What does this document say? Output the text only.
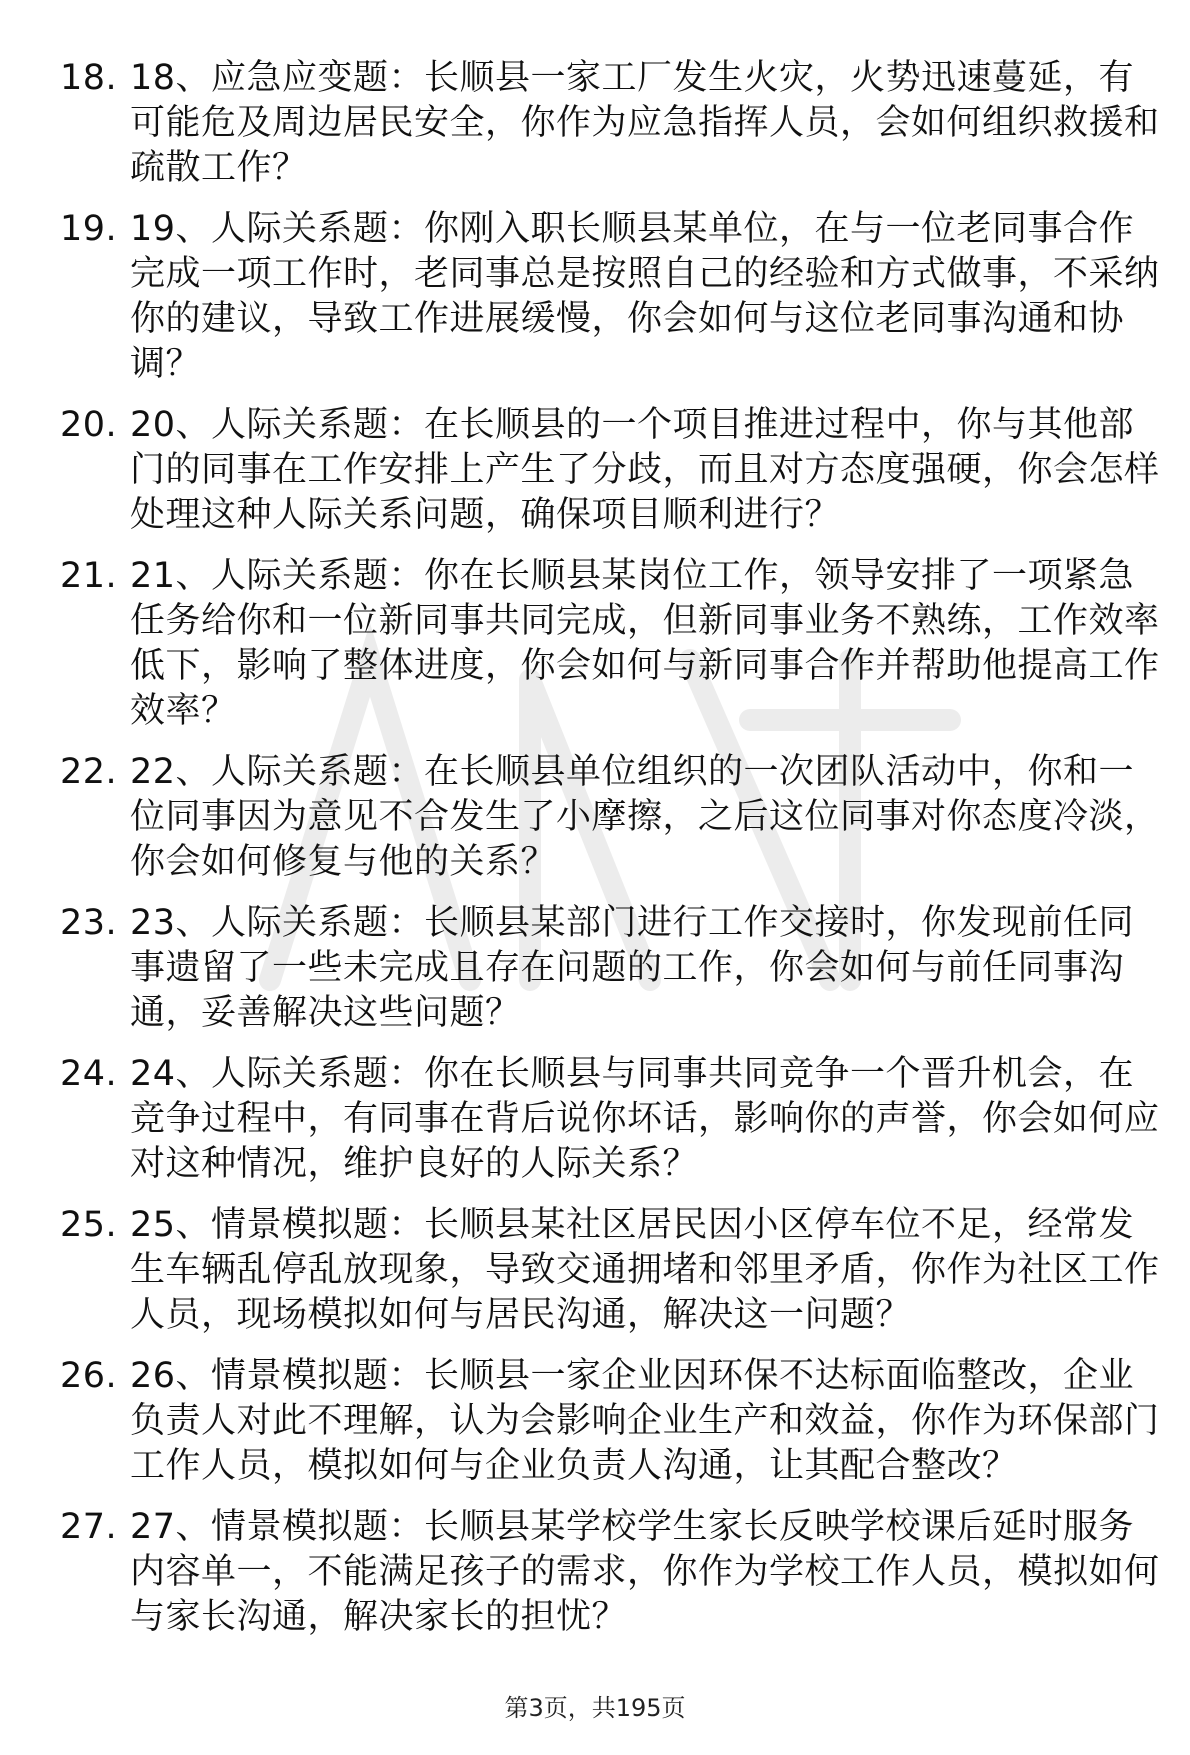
18. 18、应急应变题：长顺县一家工厂发生火灾，火势迅速蔓延，有可能危及周边居民安全，你作为应急指挥人员，会如何组织救援和疏散工作？
19. 19、人际关系题：你刚入职长顺县某单位，在与一位老同事合作完成一项工作时，老同事总是按照自己的经验和方式做事，不采纳你的建议，导致工作进展缓慢，你会如何与这位老同事沟通和协调？
20. 20、人际关系题：在长顺县的一个项目推进过程中，你与其他部门的同事在工作安排上产生了分歧，而且对方态度强硬，你会怎样处理这种人际关系问题，确保项目顺利进行？
21. 21、人际关系题：你在长顺县某岗位工作，领导安排了一项紧急任务给你和一位新同事共同完成，但新同事业务不熟练，工作效率低下，影响了整体进度，你会如何与新同事合作并帮助他提高工作效率？
22. 22、人际关系题：在长顺县单位组织的一次团队活动中，你和一位同事因为意见不合发生了小摩擦，之后这位同事对你态度冷淡，你会如何修复与他的关系？
23. 23、人际关系题：长顺县某部门进行工作交接时，你发现前任同事遗留了一些未完成且存在问题的工作，你会如何与前任同事沟通，妥善解决这些问题？
24. 24、人际关系题：你在长顺县与同事共同竞争一个晋升机会，在竞争过程中，有同事在背后说你坏话，影响你的声誉，你会如何应对这种情况，维护良好的人际关系？
25. 25、情景模拟题：长顺县某社区居民因小区停车位不足，经常发生车辆乱停乱放现象，导致交通拥堵和邻里矛盾，你作为社区工作人员，现场模拟如何与居民沟通，解决这一问题？
26. 26、情景模拟题：长顺县一家企业因环保不达标面临整改，企业负责人对此不理解，认为会影响企业生产和效益，你作为环保部门工作人员，模拟如何与企业负责人沟通，让其配合整改？
27. 27、情景模拟题：长顺县某学校学生家长反映学校课后延时服务内容单一，不能满足孩子的需求，你作为学校工作人员，模拟如何与家长沟通，解决家长的担忧？
第3页，共195页
